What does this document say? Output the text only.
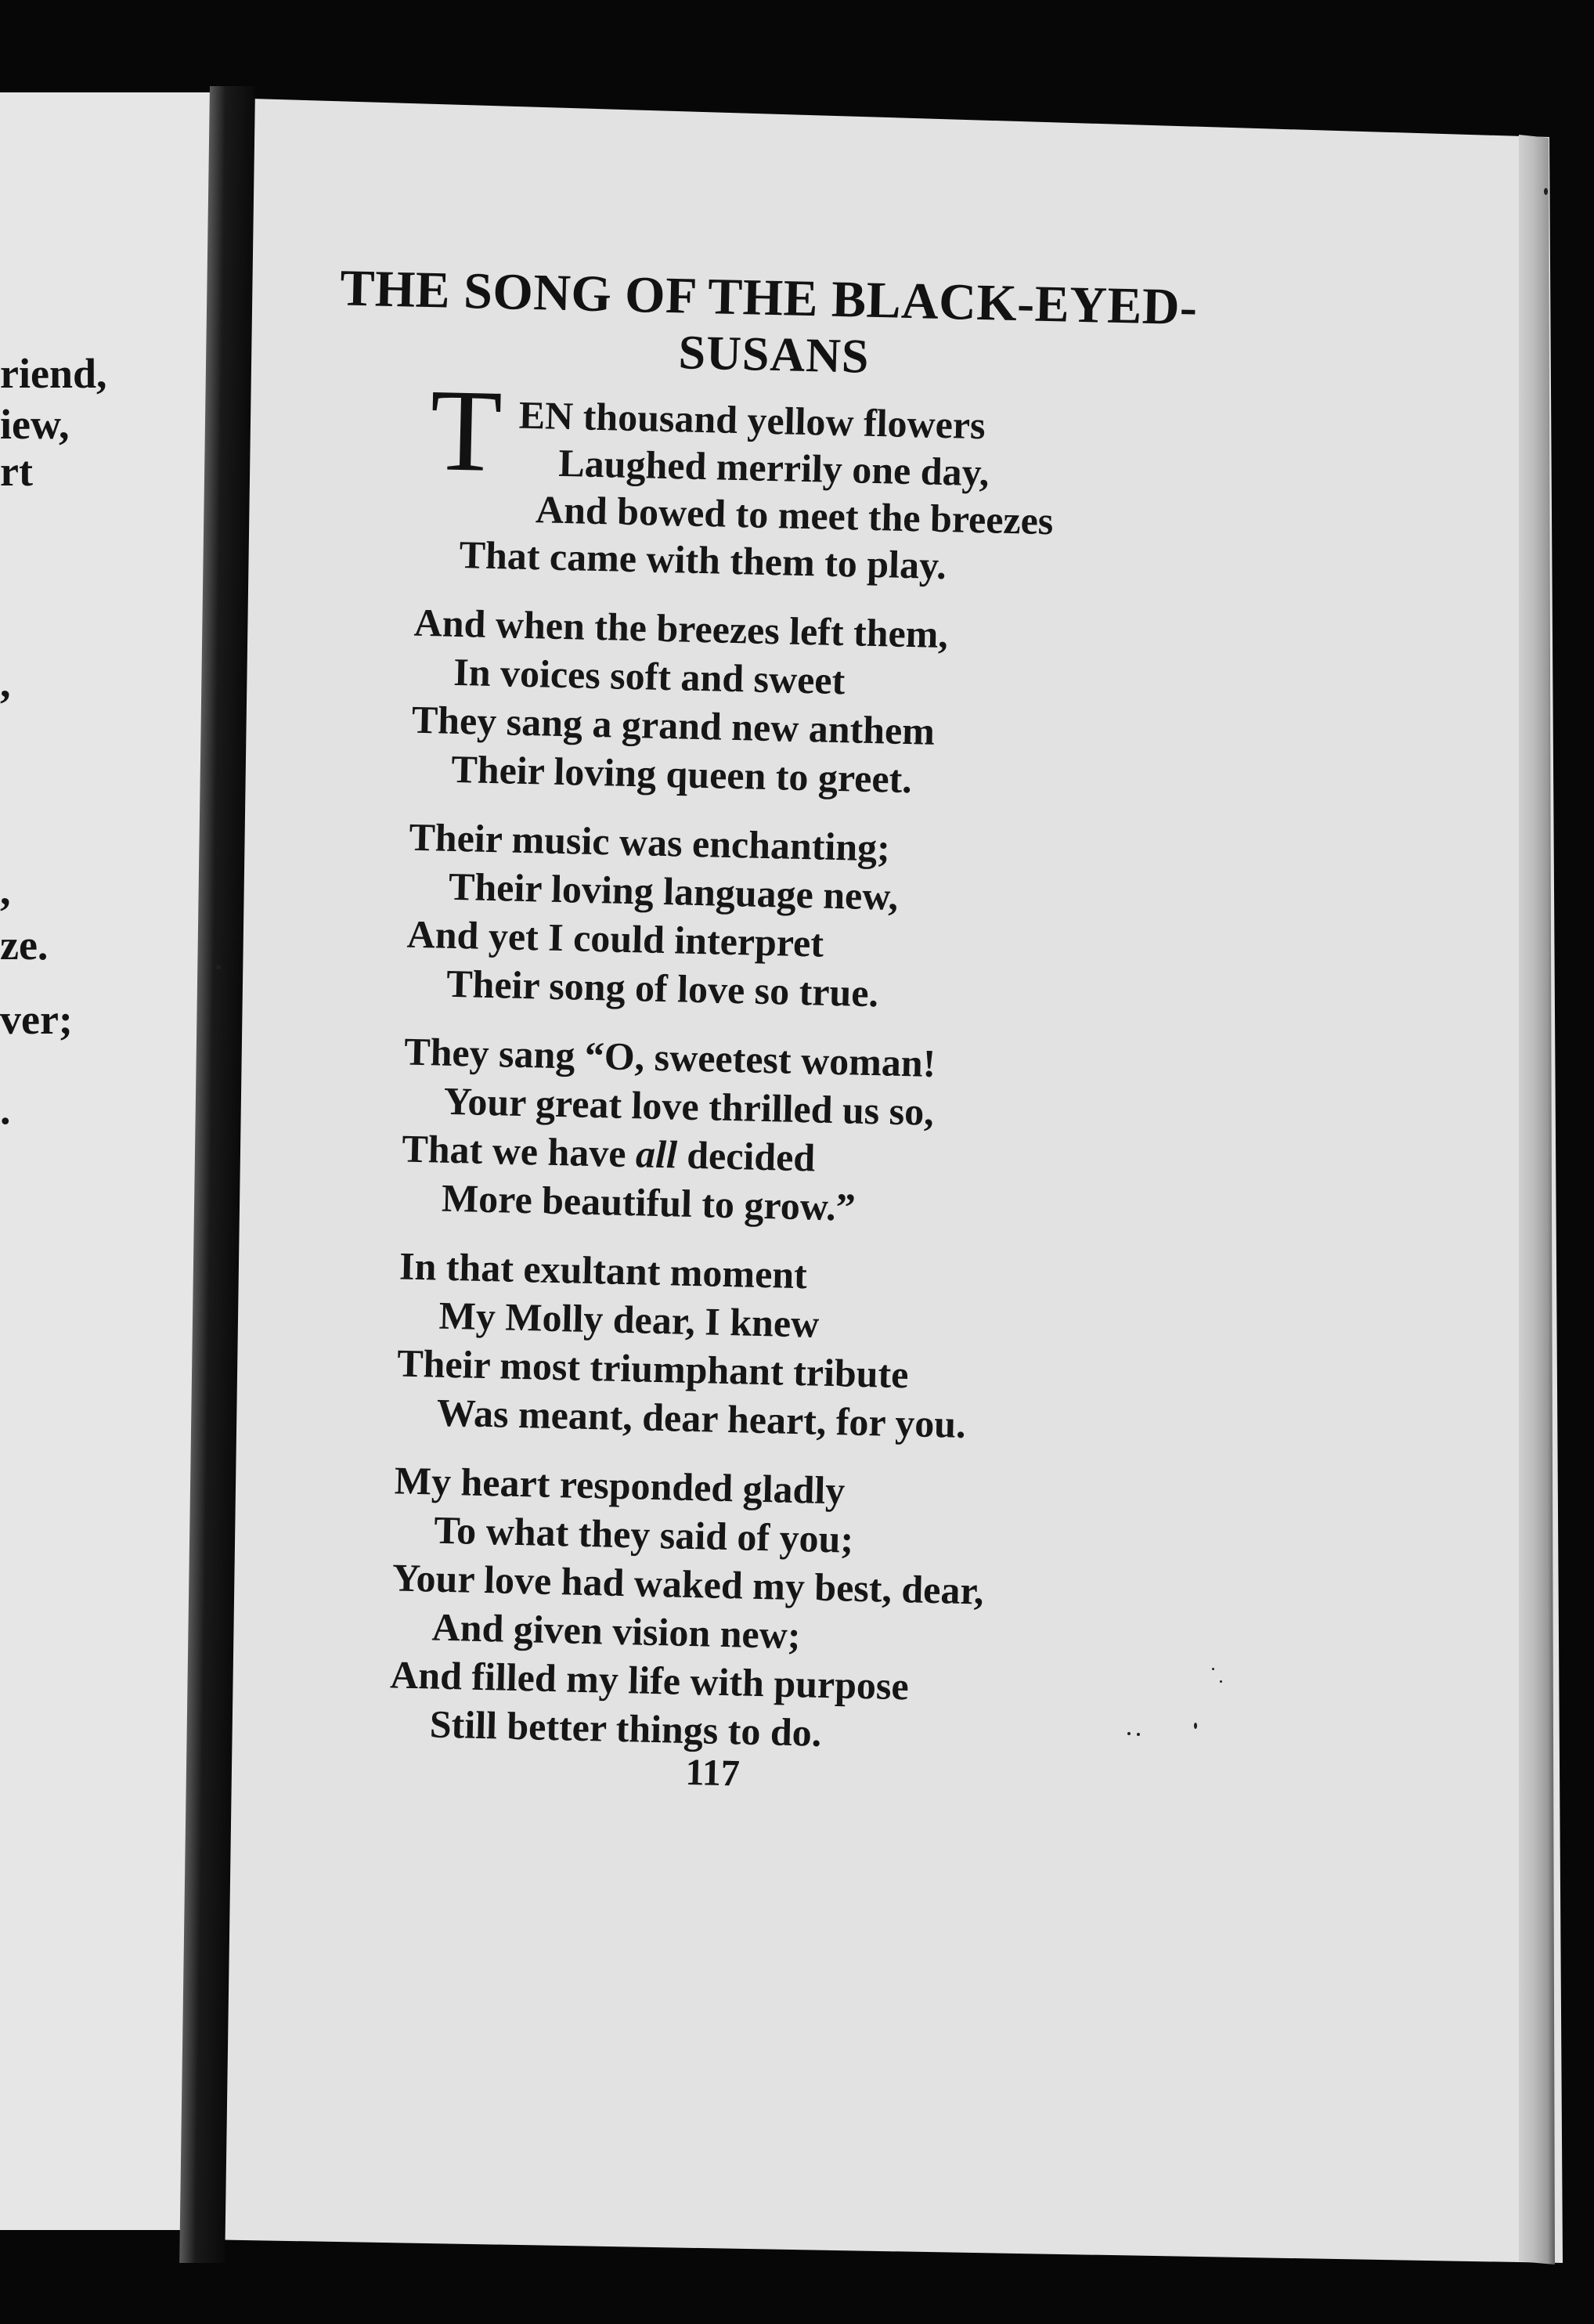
riend,
iew,
rt
,
,
ze.
ver;
.
THE SONG OF THE BLACK-EYED-
SUSANS
T EN thousand yellow flowers
Laughed merrily one day,
And bowed to meet the breezes
That came with them to play.
And when the breezes left them,
In voices soft and sweet
They sang a grand new anthem
Their loving queen to greet.
Their music was enchanting;
Their loving language new,
And yet I could interpret
Their song of love so true.
They sang “O, sweetest woman!
Your great love thrilled us so,
That we have all decided
More beautiful to grow.”
In that exultant moment
My Molly dear, I knew
Their most triumphant tribute
Was meant, dear heart, for you.
My heart responded gladly
To what they said of you;
Your love had waked my best, dear,
And given vision new;
And filled my life with purpose
Still better things to do.
117
